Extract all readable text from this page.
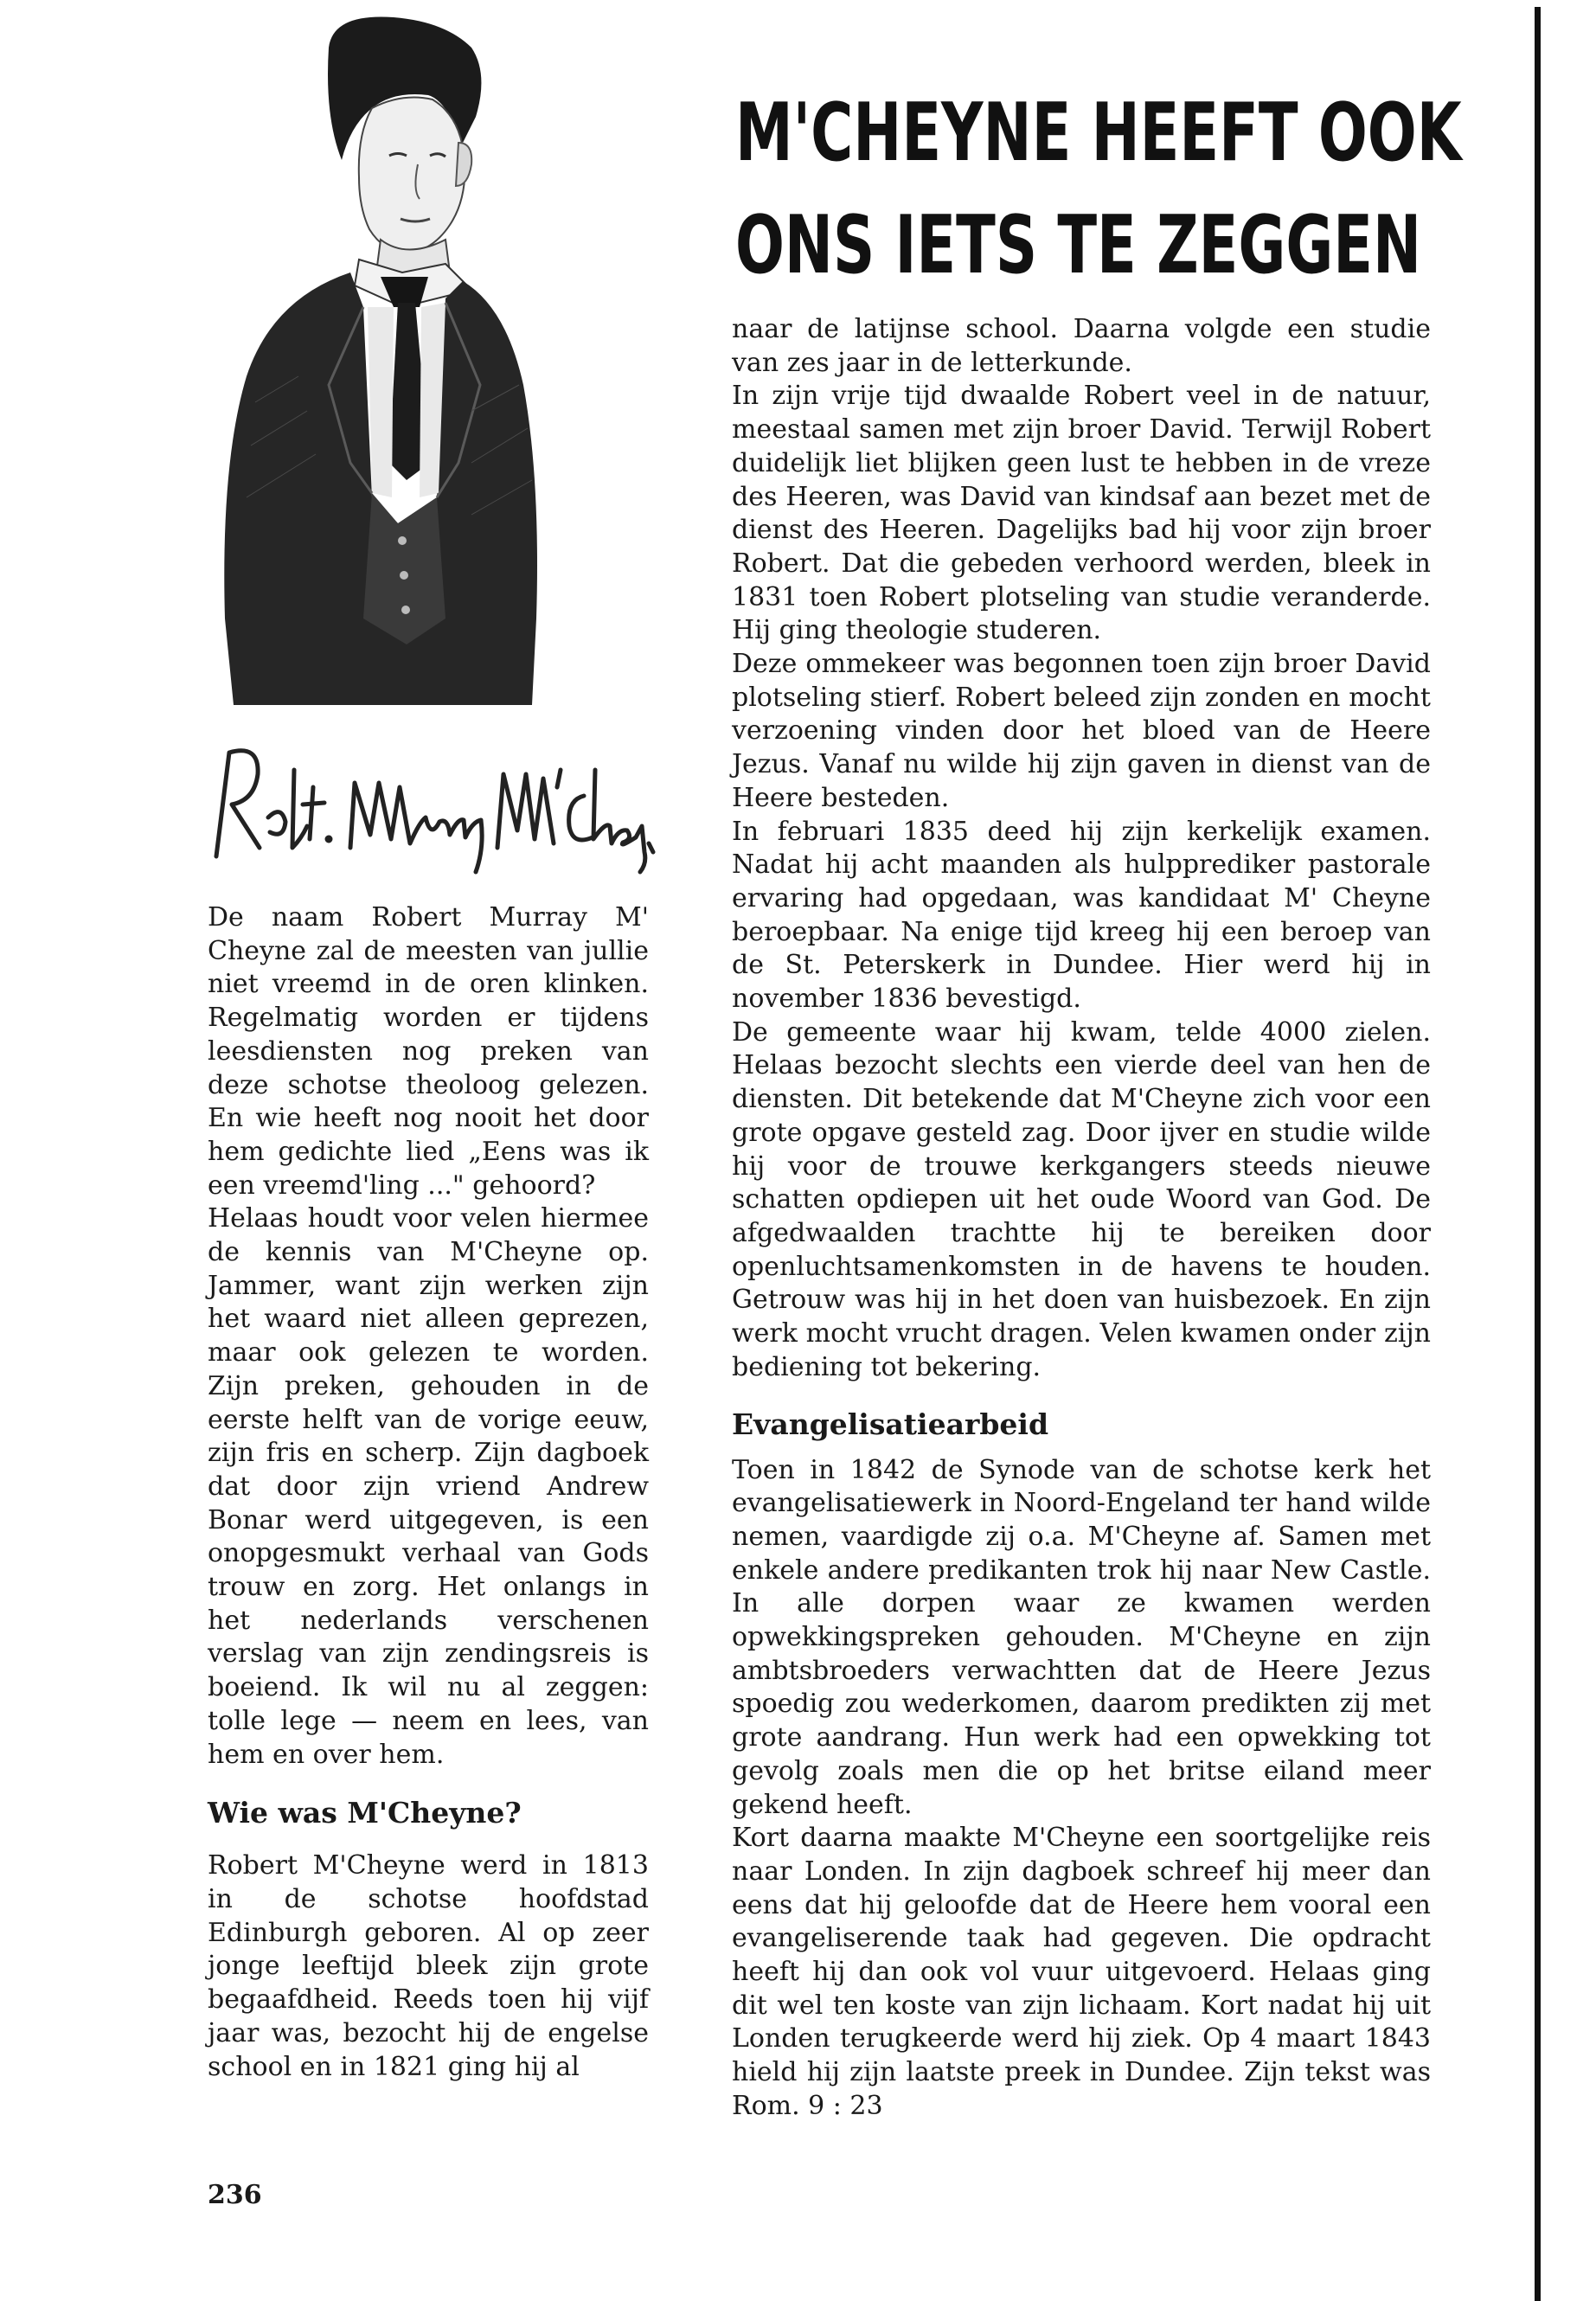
M'CHEYNE HEEFT OOK
ONS IETS TE ZEGGEN

De naam Robert Murray M' Cheyne zal de meesten van jullie niet vreemd in de oren klinken. Regelmatig worden er tijdens leesdiensten nog preken van deze schotse theoloog gelezen. En wie heeft nog nooit het door hem gedichte lied „Eens was ik een vreemd'ling ..." gehoord?

Helaas houdt voor velen hiermee de kennis van M'Cheyne op. Jammer, want zijn werken zijn het waard niet alleen geprezen, maar ook gelezen te worden. Zijn preken, gehouden in de eerste helft van de vorige eeuw, zijn fris en scherp. Zijn dagboek dat door zijn vriend Andrew Bonar werd uitgegeven, is een onopgesmukt verhaal van Gods trouw en zorg. Het onlangs in het nederlands verschenen verslag van zijn zendingsreis is boeiend. Ik wil nu al zeggen: tolle lege — neem en lees, van hem en over hem.

Wie was M'Cheyne?

Robert M'Cheyne werd in 1813 in de schotse hoofdstad Edinburgh geboren. Al op zeer jonge leeftijd bleek zijn grote begaafdheid. Reeds toen hij vijf jaar was, bezocht hij de engelse school en in 1821 ging hij al

naar de latijnse school. Daarna volgde een studie van zes jaar in de letterkunde.

In zijn vrije tijd dwaalde Robert veel in de natuur, meestaal samen met zijn broer David. Terwijl Robert duidelijk liet blijken geen lust te hebben in de vreze des Heeren, was David van kindsaf aan bezet met de dienst des Heeren. Dagelijks bad hij voor zijn broer Robert. Dat die gebeden verhoord werden, bleek in 1831 toen Robert plotseling van studie veranderde. Hij ging theologie studeren.

Deze ommekeer was begonnen toen zijn broer David plotseling stierf. Robert beleed zijn zonden en mocht verzoening vinden door het bloed van de Heere Jezus. Vanaf nu wilde hij zijn gaven in dienst van de Heere besteden.

In februari 1835 deed hij zijn kerkelijk examen. Nadat hij acht maanden als hulpprediker pastorale ervaring had opgedaan, was kandidaat M' Cheyne beroepbaar. Na enige tijd kreeg hij een beroep van de St. Peterskerk in Dundee. Hier werd hij in november 1836 bevestigd.

De gemeente waar hij kwam, telde 4000 zielen. Helaas bezocht slechts een vierde deel van hen de diensten. Dit betekende dat M'Cheyne zich voor een grote opgave gesteld zag. Door ijver en studie wilde hij voor de trouwe kerkgangers steeds nieuwe schatten opdiepen uit het oude Woord van God. De afgedwaalden trachtte hij te bereiken door openluchtsamenkomsten in de havens te houden. Getrouw was hij in het doen van huisbezoek. En zijn werk mocht vrucht dragen. Velen kwamen onder zijn bediening tot bekering.

Evangelisatiearbeid

Toen in 1842 de Synode van de schotse kerk het evangelisatiewerk in Noord-Engeland ter hand wilde nemen, vaardigde zij o.a. M'Cheyne af. Samen met enkele andere predikanten trok hij naar New Castle. In alle dorpen waar ze kwamen werden opwekkingspreken gehouden. M'Cheyne en zijn ambtsbroeders verwachtten dat de Heere Jezus spoedig zou wederkomen, daarom predikten zij met grote aandrang. Hun werk had een opwekking tot gevolg zoals men die op het britse eiland meer gekend heeft.

Kort daarna maakte M'Cheyne een soortgelijke reis naar Londen. In zijn dagboek schreef hij meer dan eens dat hij geloofde dat de Heere hem vooral een evangeliserende taak had gegeven. Die opdracht heeft hij dan ook vol vuur uitgevoerd. Helaas ging dit wel ten koste van zijn lichaam. Kort nadat hij uit Londen terugkeerde werd hij ziek. Op 4 maart 1843 hield hij zijn laatste preek in Dundee. Zijn tekst was Rom. 9 : 23

236
